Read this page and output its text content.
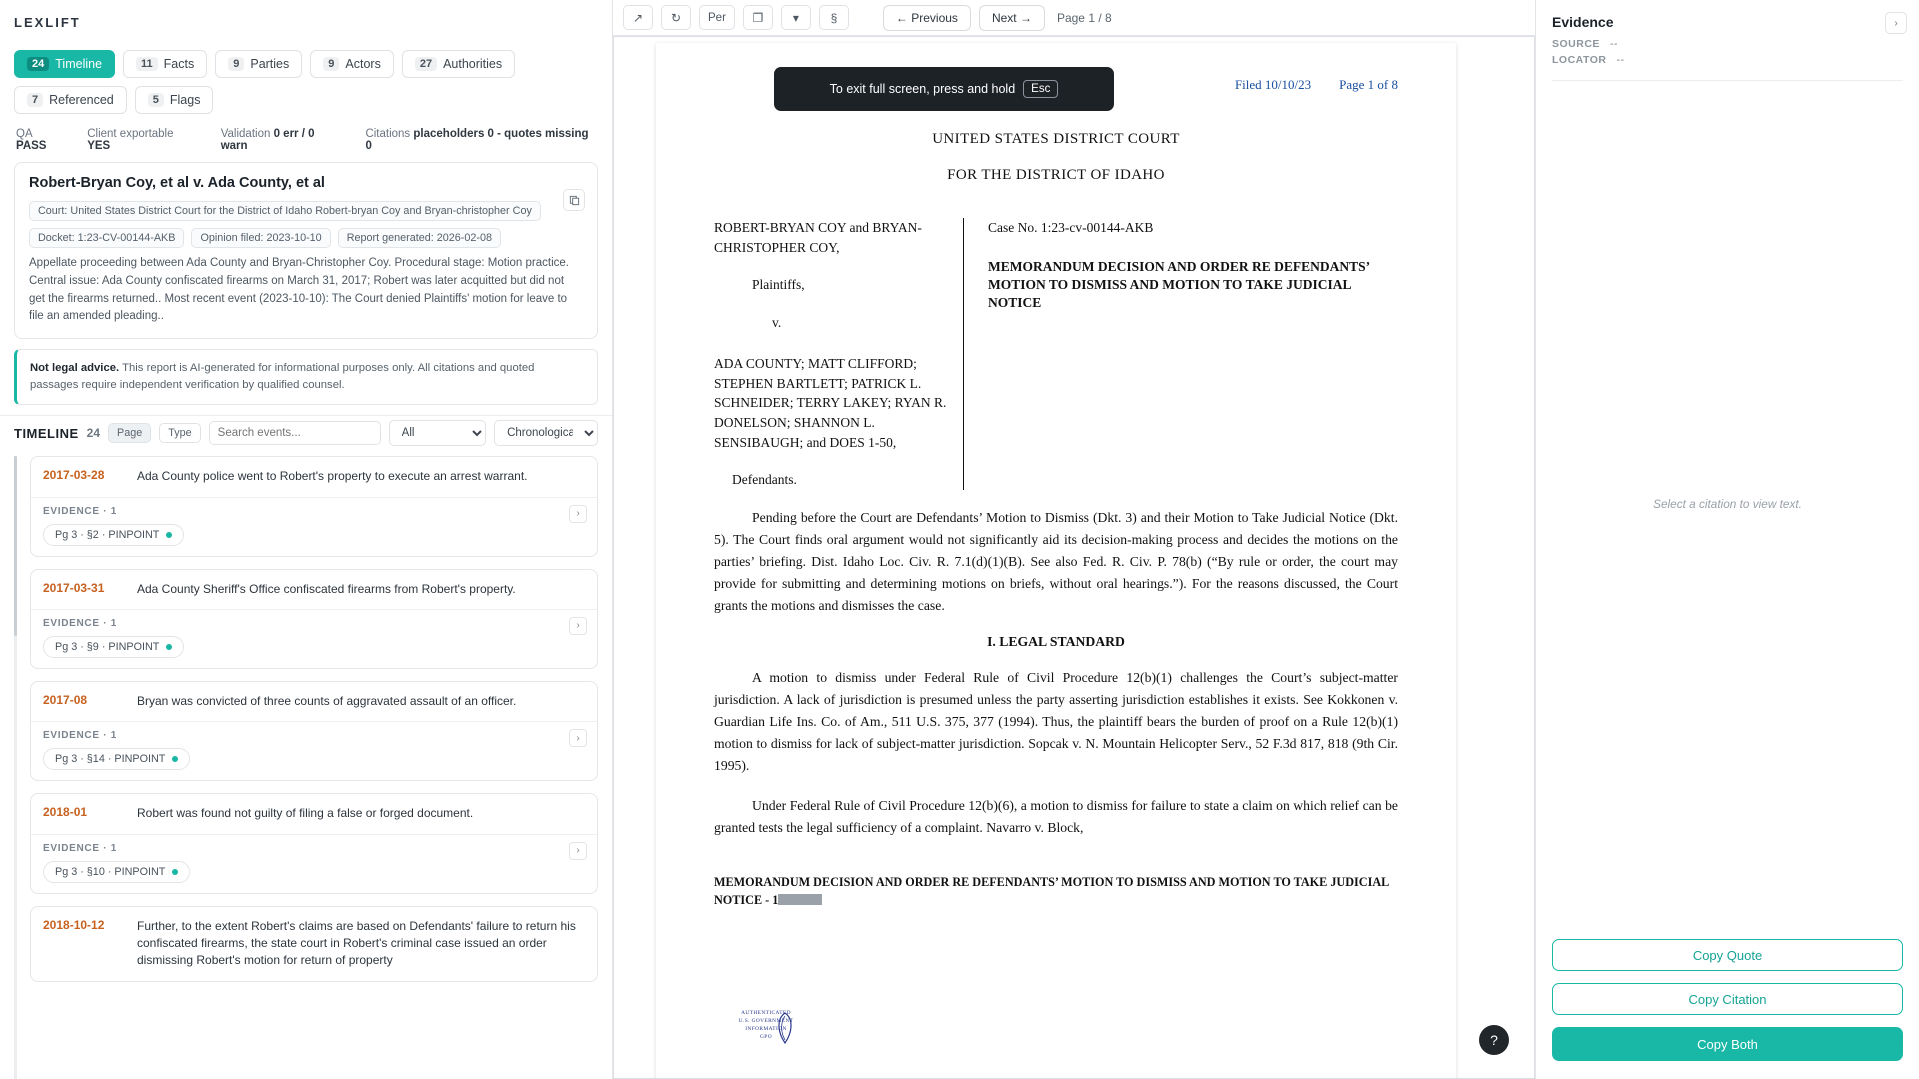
LEXLIFT
24 Timeline	11 Facts	9 Parties	9 Actors	27 Authorities
7 Referenced	5 Flags
QA PASS
Client exportable YES
Validation 0 err / 0 warn
Citations placeholders 0 - quotes missing 0
Robert-Bryan Coy, et al v. Ada County, et al
Court: United States District Court for the District of Idaho Robert-bryan Coy and Bryan-christopher Coy
Docket: 1:23-CV-00144-AKB	Opinion filed: 2023-10-10	Report generated: 2026-02-08
Appellate proceeding between Ada County and Bryan-Christopher Coy. Procedural stage: Motion practice. Central issue: Ada County confiscated firearms on March 31, 2017; Robert was later acquitted but did not get the firearms returned.. Most recent event (2023-10-10): The Court denied Plaintiffs' motion for leave to file an amended pleading..
Not legal advice. This report is AI-generated for informational purposes only. All citations and quoted passages require independent verification by qualified counsel.
TIMELINE 24	Page	Type
Search events...
All
Chronological
2017-03-28	Ada County police went to Robert's property to execute an arrest warrant.
›
EVIDENCE · 1
Pg 3 · §2 · PINPOINT
2017-03-31	Ada County Sheriff's Office confiscated firearms from Robert's property.
›
EVIDENCE · 1
Pg 3 · §9 · PINPOINT
2017-08	Bryan was convicted of three counts of aggravated assault of an officer.
›
EVIDENCE · 1
Pg 3 · §14 · PINPOINT
2018-01	Robert was found not guilty of filing a false or forged document.
›
EVIDENCE · 1
Pg 3 · §10 · PINPOINT
2018-10-12	Further, to the extent Robert's claims are based on Defendants' failure to return his confiscated firearms, the state court in Robert's criminal case issued an order dismissing Robert's motion for return of property
↗	↻	Per	❐	▾	§	← Previous	Next →	Page 1 / 8
To exit full screen, press and hold	Esc	Filed 10/10/23 Page 1 of 8
UNITED STATES DISTRICT COURT
FOR THE DISTRICT OF IDAHO
ROBERT-BRYAN COY and BRYAN-CHRISTOPHER COY,
Plaintiffs,
v.
ADA COUNTY; MATT CLIFFORD; STEPHEN BARTLETT; PATRICK L. SCHNEIDER; TERRY LAKEY; RYAN R. DONELSON; SHANNON L. SENSIBAUGH; and DOES 1-50,
Defendants.
Case No. 1:23-cv-00144-AKB
MEMORANDUM DECISION AND ORDER RE DEFENDANTS’ MOTION TO DISMISS AND MOTION TO TAKE JUDICIAL NOTICE
Pending before the Court are Defendants’ Motion to Dismiss (Dkt. 3) and their Motion to Take Judicial Notice (Dkt. 5). The Court finds oral argument would not significantly aid its decision-making process and decides the motions on the parties’ briefing. Dist. Idaho Loc. Civ. R. 7.1(d)(1)(B). See also Fed. R. Civ. P. 78(b) (“By rule or order, the court may provide for submitting and determining motions on briefs, without oral hearings.”). For the reasons discussed, the Court grants the motions and dismisses the case.
I. LEGAL STANDARD
A motion to dismiss under Federal Rule of Civil Procedure 12(b)(1) challenges the Court’s subject-matter jurisdiction. A lack of jurisdiction is presumed unless the party asserting jurisdiction establishes it exists. See Kokkonen v. Guardian Life Ins. Co. of Am., 511 U.S. 375, 377 (1994). Thus, the plaintiff bears the burden of proof on a Rule 12(b)(1) motion to dismiss for lack of subject-matter jurisdiction. Sopcak v. N. Mountain Helicopter Serv., 52 F.3d 817, 818 (9th Cir. 1995).
Under Federal Rule of Civil Procedure 12(b)(6), a motion to dismiss for failure to state a claim on which relief can be granted tests the legal sufficiency of a complaint. Navarro v. Block,
MEMORANDUM DECISION AND ORDER RE DEFENDANTS’ MOTION TO DISMISS AND MOTION TO TAKE JUDICIAL NOTICE - 1
AUTHENTICATED
U.S. GOVERNMENT
INFORMATION
GPO	?
Evidence	›
SOURCE --
LOCATOR --
Select a citation to view text.
Copy Quote
Copy Citation
Copy Both
